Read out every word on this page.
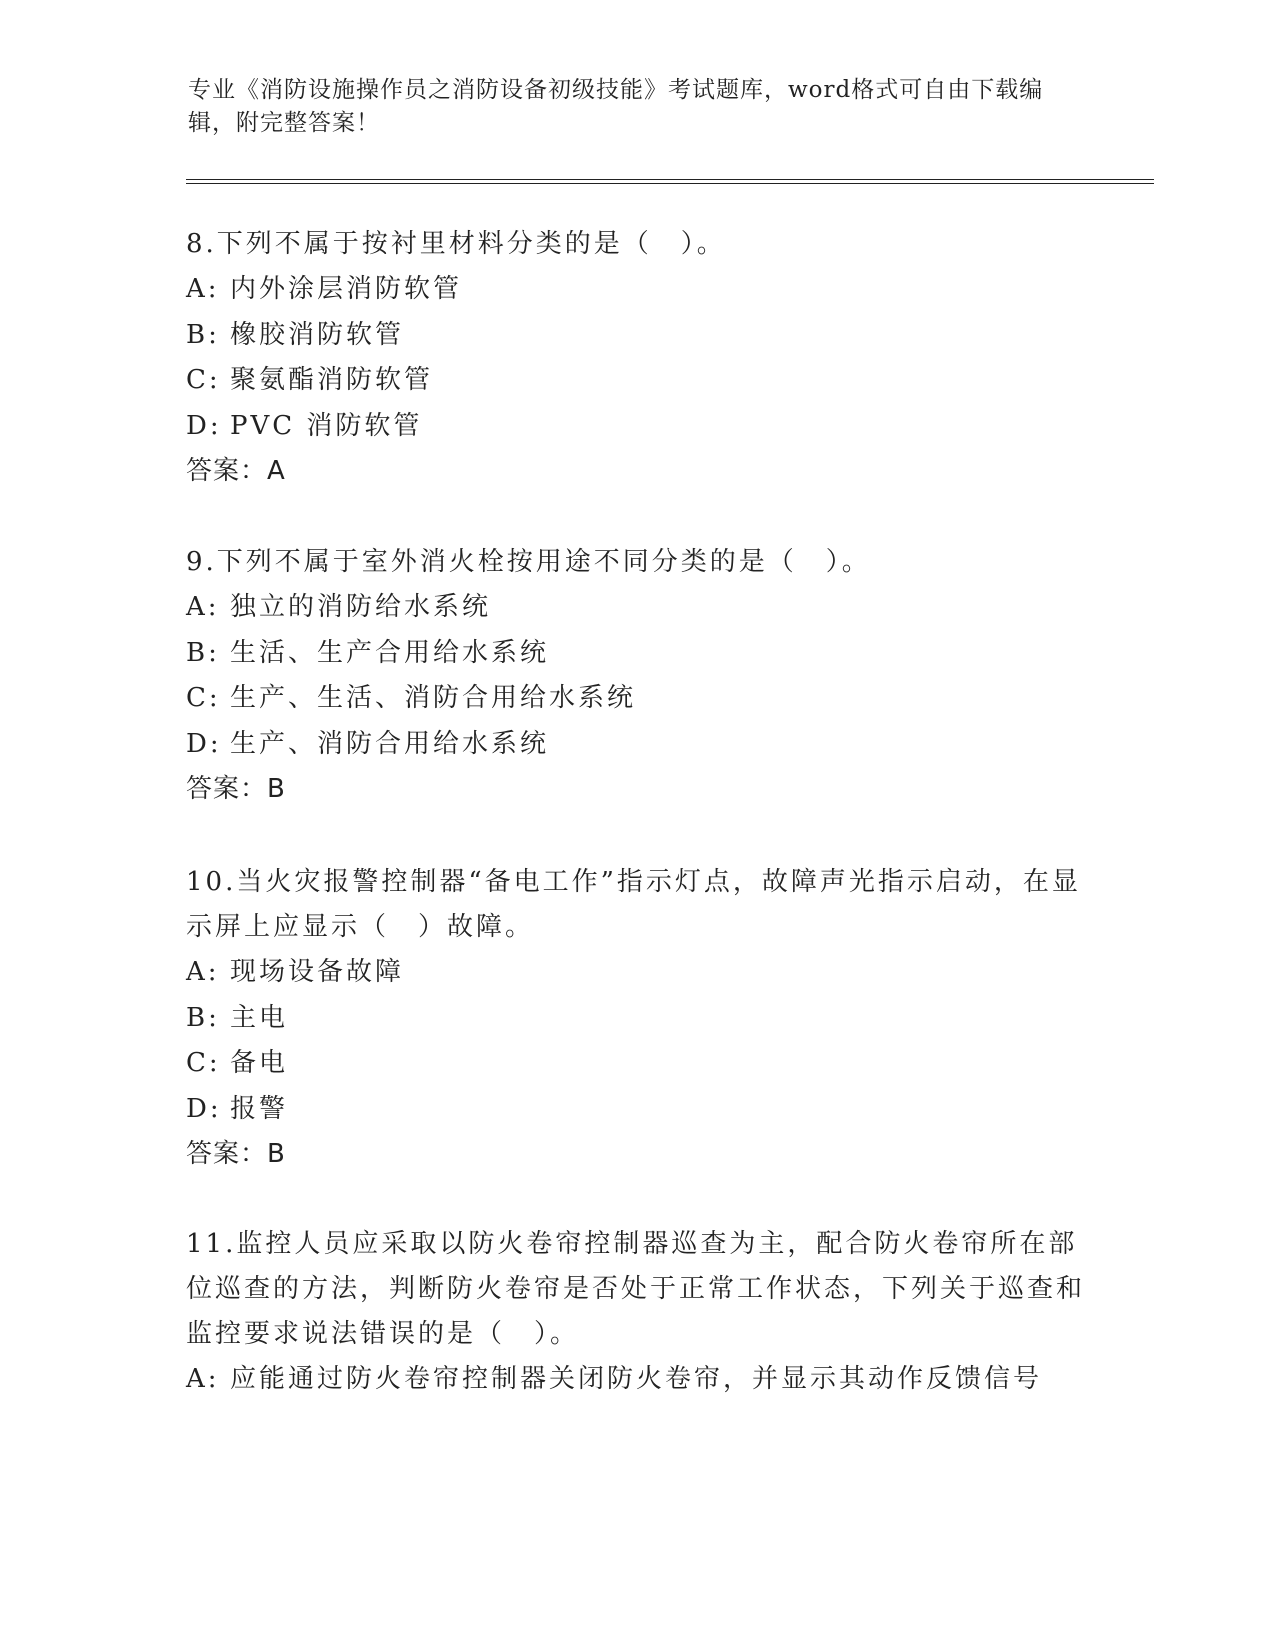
专业《消防设施操作员之消防设备初级技能》考试题库，word格式可自由下载编辑，附完整答案！

8.下列不属于按衬里材料分类的是（　）。

A: 内外涂层消防软管

B: 橡胶消防软管

C: 聚氨酯消防软管

D: PVC 消防软管

答案：A

9.下列不属于室外消火栓按用途不同分类的是（　）。

A: 独立的消防给水系统

B: 生活、生产合用给水系统

C: 生产、生活、消防合用给水系统

D: 生产、消防合用给水系统

答案：B

10.当火灾报警控制器“备电工作”指示灯点，故障声光指示启动，在显示屏上应显示（　）故障。

A: 现场设备故障

B: 主电

C: 备电

D: 报警

答案：B

11.监控人员应采取以防火卷帘控制器巡查为主，配合防火卷帘所在部位巡查的方法，判断防火卷帘是否处于正常工作状态，下列关于巡查和监控要求说法错误的是（　）。

A: 应能通过防火卷帘控制器关闭防火卷帘，并显示其动作反馈信号
